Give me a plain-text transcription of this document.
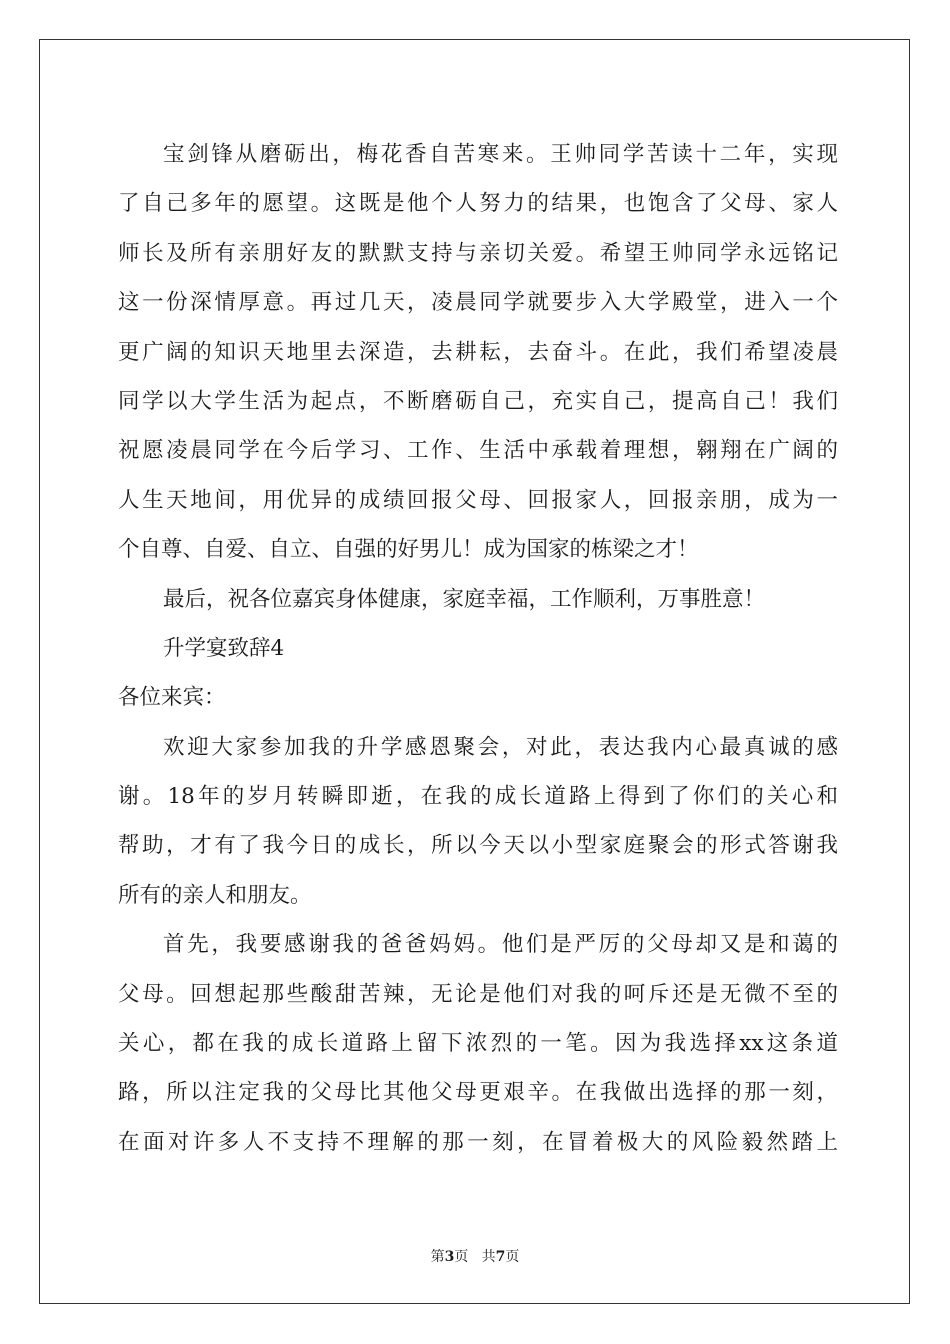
宝剑锋从磨砺出，梅花香自苦寒来。王帅同学苦读十二年，实现
了自己多年的愿望。这既是他个人努力的结果，也饱含了父母、家人
师长及所有亲朋好友的默默支持与亲切关爱。希望王帅同学永远铭记
这一份深情厚意。再过几天，凌晨同学就要步入大学殿堂，进入一个
更广阔的知识天地里去深造，去耕耘，去奋斗。在此，我们希望凌晨
同学以大学生活为起点，不断磨砺自己，充实自己，提高自己！我们
祝愿凌晨同学在今后学习、工作、生活中承载着理想，翱翔在广阔的
人生天地间，用优异的成绩回报父母、回报家人，回报亲朋，成为一
个自尊、自爱、自立、自强的好男儿！成为国家的栋梁之才！
最后，祝各位嘉宾身体健康，家庭幸福，工作顺利，万事胜意！
升学宴致辞4
各位来宾：
欢迎大家参加我的升学感恩聚会，对此，表达我内心最真诚的感
谢。18年的岁月转瞬即逝，在我的成长道路上得到了你们的关心和
帮助，才有了我今日的成长，所以今天以小型家庭聚会的形式答谢我
所有的亲人和朋友。
首先，我要感谢我的爸爸妈妈。他们是严厉的父母却又是和蔼的
父母。回想起那些酸甜苦辣，无论是他们对我的呵斥还是无微不至的
关心，都在我的成长道路上留下浓烈的一笔。因为我选择xx这条道
路，所以注定我的父母比其他父母更艰辛。在我做出选择的那一刻，
在面对许多人不支持不理解的那一刻，在冒着极大的风险毅然踏上
第3页 共7页
